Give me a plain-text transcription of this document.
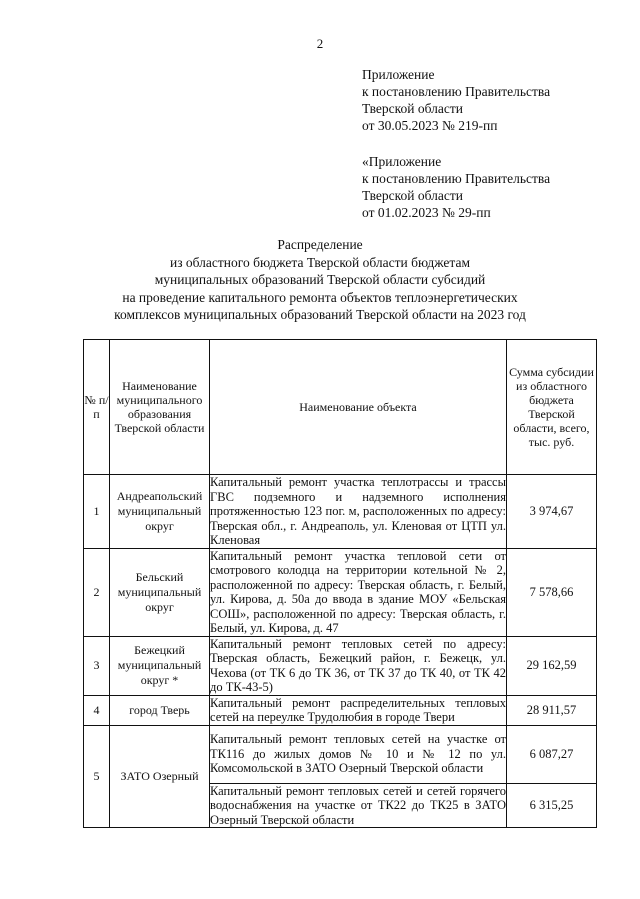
2
Приложение
к постановлению Правительства
Тверской области
от 30.05.2023 № 219-пп
«Приложение
к постановлению Правительства
Тверской области
от 01.02.2023 № 29-пп
Распределение
из областного бюджета Тверской области бюджетам
муниципальных образований Тверской области субсидий
на проведение капитального ремонта объектов теплоэнергетических
комплексов муниципальных образований Тверской области на 2023 год
№ п/п	Наименование муниципального образования Тверской области	Наименование объекта	Сумма субсидии из областного бюджета Тверской области, всего, тыс. руб.
1	Андреапольский муниципальный округ	Капитальный ремонт участка теплотрассы и трассы ГВС подземного и надземного исполнения протяженностью 123 пог. м, расположенных по адресу: Тверская обл., г. Андреаполь, ул. Кленовая от ЦТП ул. Кленовая	3 974,67
2	Бельский муниципальный округ	Капитальный ремонт участка тепловой сети от смотрового колодца на территории котельной № 2, расположенной по адресу: Тверская область, г. Белый, ул. Кирова, д. 50а до ввода в здание МОУ «Бельская СОШ», расположенной по адресу: Тверская область, г. Белый, ул. Кирова, д. 47	7 578,66
3	Бежецкий муниципальный округ *	Капитальный ремонт тепловых сетей по адресу: Тверская область, Бежецкий район, г. Бежецк, ул. Чехова (от ТК 6 до ТК 36, от ТК 37 до ТК 40, от ТК 42 до ТК-43-5)	29 162,59
4	город Тверь	Капитальный ремонт распределительных тепловых сетей на переулке Трудолюбия в городе Твери	28 911,57
5	ЗАТО Озерный	Капитальный ремонт тепловых сетей на участке от ТК116 до жилых домов № 10 и № 12 по ул. Комсомольской в ЗАТО Озерный Тверской области	6 087,27
		Капитальный ремонт тепловых сетей и сетей горячего водоснабжения на участке от ТК22 до ТК25 в ЗАТО Озерный Тверской области	6 315,25
